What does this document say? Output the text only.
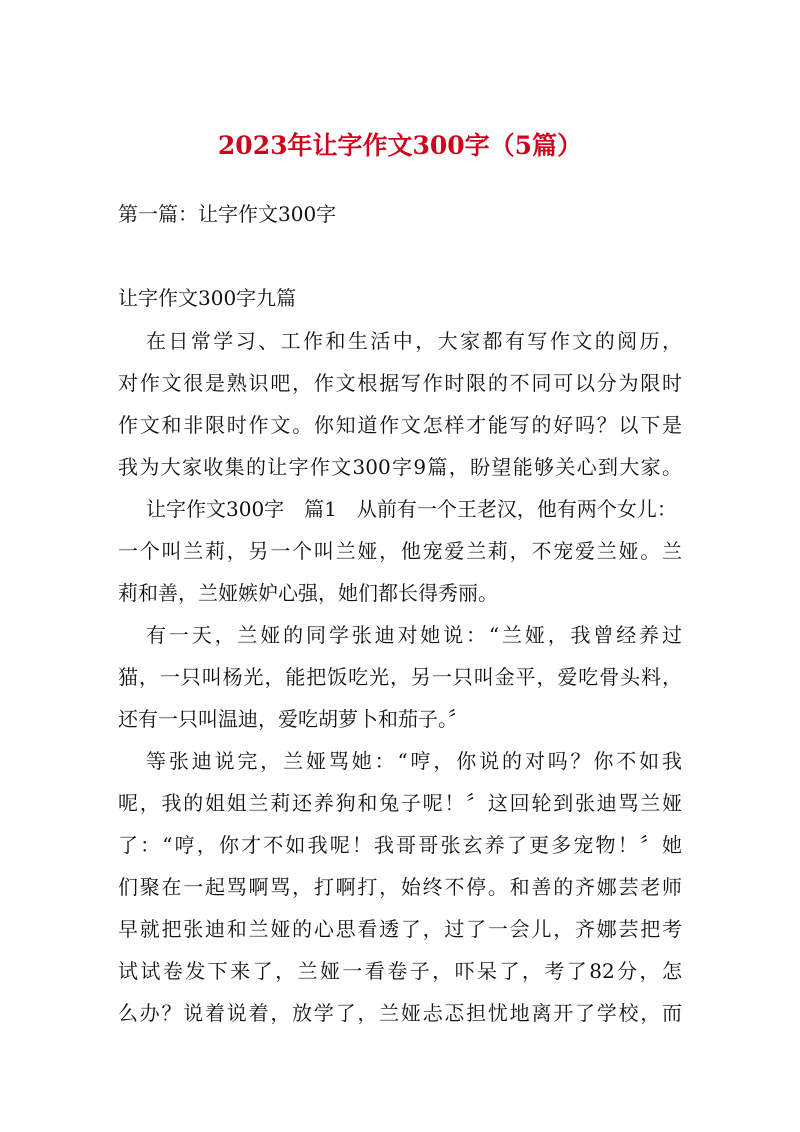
2023年让字作文300字（5篇）
第一篇：让字作文300字
让字作文300字九篇
在日常学习、工作和生活中，大家都有写作文的阅历，
对作文很是熟识吧，作文根据写作时限的不同可以分为限时
作文和非限时作文。你知道作文怎样才能写的好吗？以下是
我为大家收集的让字作文300字9篇，盼望能够关心到大家。
让字作文300字　篇1　从前有一个王老汉，他有两个女儿：
一个叫兰莉，另一个叫兰娅，他宠爱兰莉，不宠爱兰娅。兰
莉和善，兰娅嫉妒心强，她们都长得秀丽。
有一天，兰娅的同学张迪对她说：“兰娅，我曾经养过
猫，一只叫杨光，能把饭吃光，另一只叫金平，爱吃骨头料，
还有一只叫温迪，爱吃胡萝卜和茄子。〞
等张迪说完，兰娅骂她：“哼，你说的对吗？你不如我
呢，我的姐姐兰莉还养狗和兔子呢！〞这回轮到张迪骂兰娅
了：“哼，你才不如我呢！我哥哥张玄养了更多宠物！〞她
们聚在一起骂啊骂，打啊打，始终不停。和善的齐娜芸老师
早就把张迪和兰娅的心思看透了，过了一会儿，齐娜芸把考
试试卷发下来了，兰娅一看卷子，吓呆了，考了82分，怎
么办？说着说着，放学了，兰娅忐忑担忧地离开了学校，而
